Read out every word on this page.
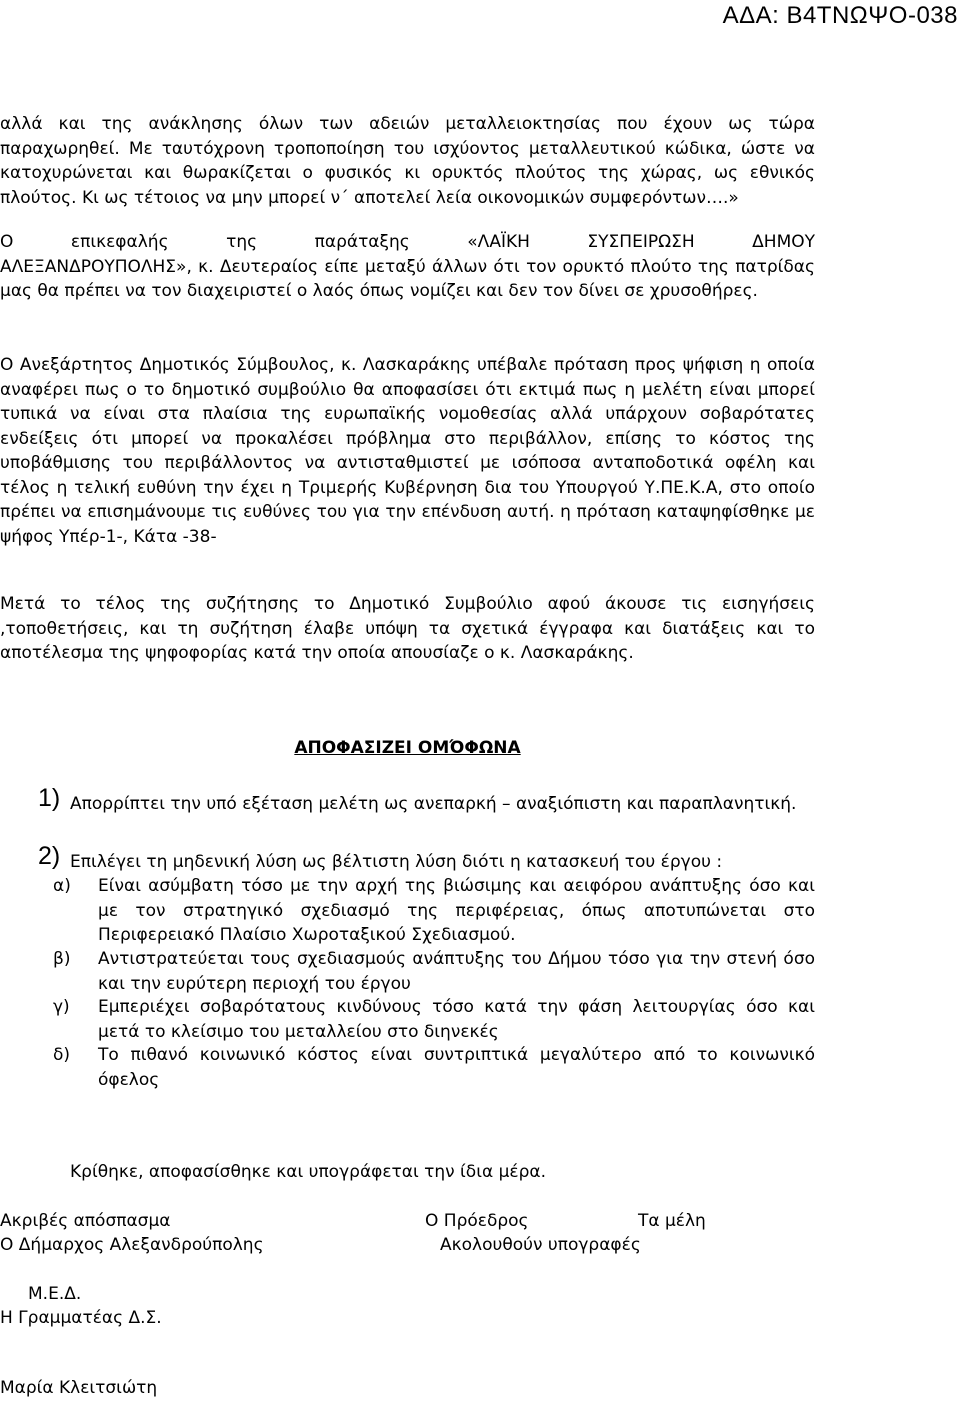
ΑΔΑ: Β4ΤΝΩΨΟ-038
αλλά και της ανάκλησης όλων των αδειών μεταλλειοκτησίας που έχουν ως τώρα παραχωρηθεί. Με ταυτόχρονη τροποποίηση του ισχύοντος μεταλλευτικού κώδικα, ώστε να κατοχυρώνεται και θωρακίζεται ο φυσικός κι ορυκτός πλούτος της χώρας, ως εθνικός πλούτος. Κι ως τέτοιος να μην μπορεί ν΄ αποτελεί λεία οικονομικών συμφερόντων….»
Ο επικεφαλής της παράταξης «ΛΑΪΚΗ ΣΥΣΠΕΙΡΩΣΗ ΔΗΜΟΥ
ΑΛΕΞΑΝΔΡΟΥΠΟΛΗΣ», κ. Δευτεραίος είπε μεταξύ άλλων ότι τον ορυκτό πλούτο της πατρίδας μας θα πρέπει να τον διαχειριστεί ο λαός όπως νομίζει και δεν τον δίνει σε χρυσοθήρες.
Ο Ανεξάρτητος Δημοτικός Σύμβουλος, κ. Λασκαράκης υπέβαλε πρόταση προς ψήφιση η οποία αναφέρει πως ο το δημοτικό συμβούλιο θα αποφασίσει ότι εκτιμά πως η μελέτη είναι μπορεί τυπικά να είναι στα πλαίσια της ευρωπαϊκής νομοθεσίας αλλά υπάρχουν σοβαρότατες ενδείξεις ότι μπορεί να προκαλέσει πρόβλημα στο περιβάλλον, επίσης το κόστος της υποβάθμισης του περιβάλλοντος να αντισταθμιστεί με ισόποσα ανταποδοτικά οφέλη και τέλος η τελική ευθύνη την έχει η Τριμερής Κυβέρνηση δια του Υπουργού Υ.ΠΕ.Κ.Α, στο οποίο πρέπει να επισημάνουμε τις ευθύνες του για την επένδυση αυτή. η πρόταση καταψηφίσθηκε με ψήφος Υπέρ-1-, Κάτα -38-
Μετά το τέλος της συζήτησης το Δημοτικό Συμβούλιο αφού άκουσε τις εισηγήσεις ,τοποθετήσεις, και τη συζήτηση έλαβε υπόψη τα σχετικά έγγραφα και διατάξεις και το αποτέλεσμα της ψηφοφορίας κατά την οποία απουσίαζε ο κ. Λασκαράκης.
ΑΠΟΦΑΣΙΖΕΙ ΟΜΌΦΩΝΑ
1) Απορρίπτει την υπό εξέταση μελέτη ως ανεπαρκή – αναξιόπιστη και παραπλανητική.
2) Επιλέγει τη μηδενική λύση ως βέλτιστη λύση διότι η κατασκευή του έργου :
α) Είναι ασύμβατη τόσο με την αρχή της βιώσιμης και αειφόρου ανάπτυξης όσο και με τον στρατηγικό σχεδιασμό της περιφέρειας, όπως αποτυπώνεται στο Περιφερειακό Πλαίσιο Χωροταξικού Σχεδιασμού.
β) Αντιστρατεύεται τους σχεδιασμούς ανάπτυξης του Δήμου τόσο για την στενή όσο και την ευρύτερη περιοχή του έργου
γ) Εμπεριέχει σοβαρότατους κινδύνους τόσο κατά την φάση λειτουργίας όσο και μετά το κλείσιμο του μεταλλείου στο διηνεκές
δ) Το πιθανό κοινωνικό κόστος είναι συντριπτικά μεγαλύτερο από το κοινωνικό όφελος
Κρίθηκε, αποφασίσθηκε και υπογράφεται την ίδια μέρα.
Ακριβές απόσπασμα
Ο Δήμαρχος Αλεξανδρούπολης
Ο Πρόεδρος	Τα μέλη
Ακολουθούν υπογραφές
Μ.Ε.Δ.
Η Γραμματέας Δ.Σ.
Μαρία Κλειτσιώτη
